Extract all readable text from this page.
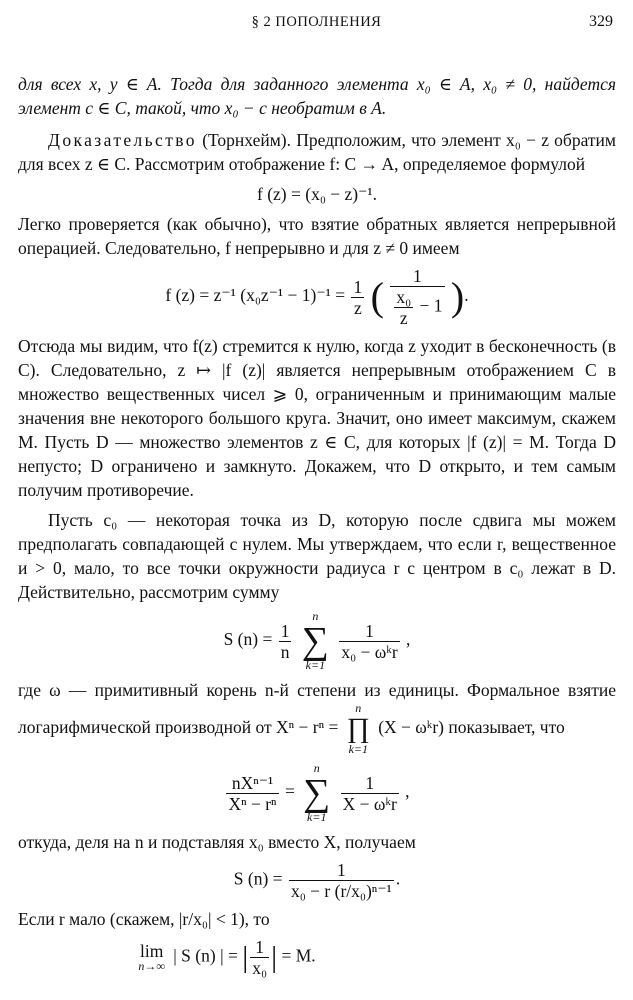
§ 2 ПОПОЛНЕНИЯ	329

для всех x, y ∈ A. Тогда для заданного элемента x₀ ∈ A, x₀ ≠ 0, найдется элемент c ∈ C, такой, что x₀ − c необратим в A.

Доказательство (Торнхейм). Предположим, что элемент x₀ − z обратим для всех z ∈ C. Рассмотрим отображение f: C → A, определяемое формулой

f (z) = (x₀ − z)⁻¹.

Легко проверяется (как обычно), что взятие обратных является непрерывной операцией. Следовательно, f непрерывно и для z ≠ 0 имеем

f (z) = z⁻¹ $(x_0z^{-1} - 1)^{-1} = \frac{1}{z}$ ( $\frac{1}{\frac{\text{x₀}}{z} - 1}$ ).

Отсюда мы видим, что f(z) стремится к нулю, когда z уходит в бесконечность (в C). Следовательно, z ↦ |f (z)| является непрерывным отображением C в множество вещественных чисел ⩾ 0, ограниченным и принимающим малые значения вне некоторого большого круга. Значит, оно имеет максимум, скажем M. Пусть D — множество элементов z ∈ C, для которых |f (z)| = M. Тогда D непусто; D ограничено и замкнуто. Докажем, что D открыто, и тем самым получим противоречие.

Пусть c₀ — некоторая точка из D, которую после сдвига мы можем предполагать совпадающей с нулем. Мы утверждаем, что если r, вещественное и > 0, мало, то все точки окружности радиуса r с центром в c₀ лежат в D. Действительно, рассмотрим сумму

S $(n) = \frac{1}{n}$

n
∑
k=1

$\frac{1}{\text{x₀ − ωᵏr}}$ ,

где ω — примитивный корень n-й степени из единицы. Формальное взятие логарифмической производной от Xⁿ − rⁿ =
n
∏
k=1
(X − ωᵏr) показывает, что

$\frac{\text{nXⁿ⁻¹}}{\text{Xⁿ − rⁿ}}$ =
n
∑
k=1

$\frac{1}{\text{X − ωᵏr}}$ ,

откуда, деля на n и подставляя x₀ вместо X, получаем

S $(n) = \frac{1}{\text{x₀ − r (r/x₀)ⁿ⁻¹}}$ .

Если r мало (скажем, |r/x₀| < 1), то

lim
n→∞
| S (n) | = | $\frac{1}{\text{x₀}}$ | = M.
